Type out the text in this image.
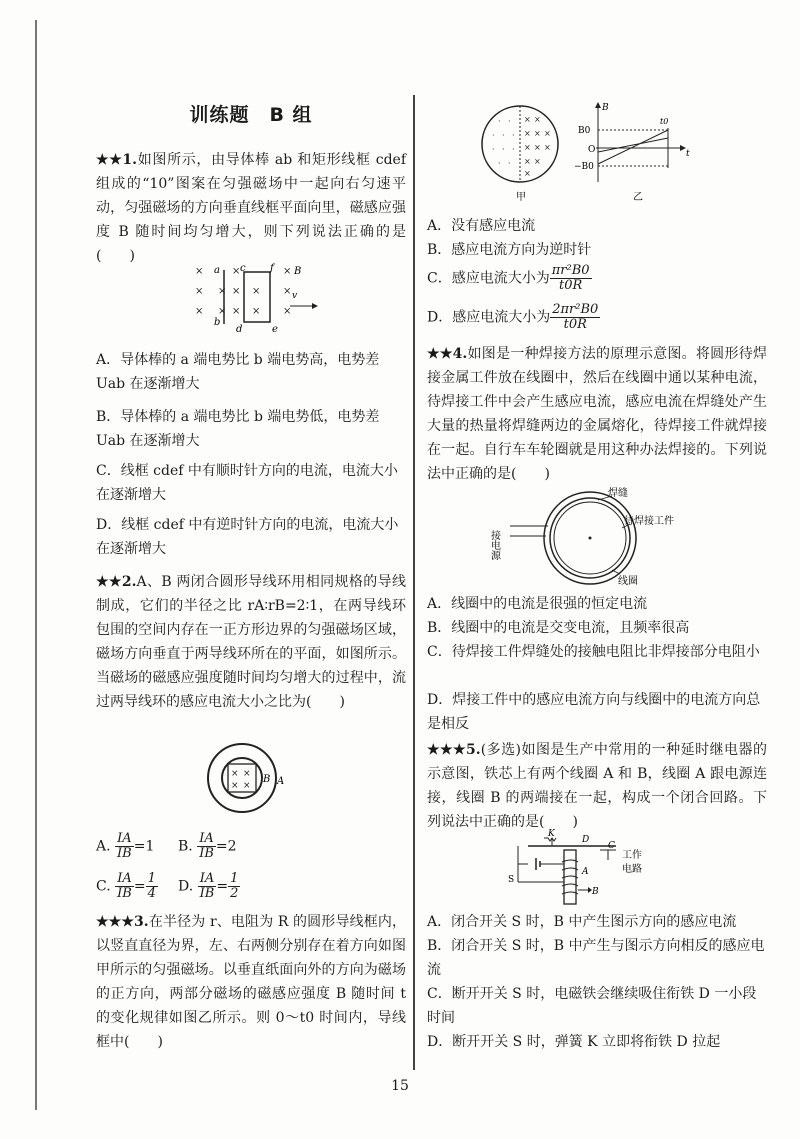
训练题　B 组
★★1.如图所示，由导体棒 ab 和矩形线框 cdef 组成的“10”图案在匀强磁场中一起向右匀速平动，匀强磁场的方向垂直线框平面向里，磁感应强度 B 随时间均匀增大，则下列说法正确的是(　　)
×
×
×
×
×
×
×
×
×
×
×
×
×
a
b
c
d	e
f B
v
A．导体棒的 a 端电势比 b 端电势高，电势差 Uab 在逐渐增大
B．导体棒的 a 端电势比 b 端电势低，电势差 Uab 在逐渐增大
C．线框 cdef 中有顺时针方向的电流，电流大小在逐渐增大
D．线框 cdef 中有逆时针方向的电流，电流大小在逐渐增大
★★2.A、B 两闭合圆形导线环用相同规格的导线制成，它们的半径之比 rA∶rB=2∶1，在两导线环包围的空间内存在一正方形边界的匀强磁场区域，磁场方向垂直于两导线环所在的平面，如图所示。当磁场的磁感应强度随时间均匀增大的过程中，流过两导线环的感应电流大小之比为(　　)
× ×
× ×
B A
A. $\frac{IA}{IB} =1$ B. $\frac{IA}{IB} =2$
C. $\frac{IA}{IB} = \frac{1}{4} D$. $\frac{IA}{IB} = \frac{1}{2}$
★★★3.在半径为 r、电阻为 R 的圆形导线框内，以竖直直径为界，左、右两侧分别存在着方向如图甲所示的匀强磁场。以垂直纸面向外的方向为磁场的正方向，两部分磁场的磁感应强度 B 随时间 t 的变化规律如图乙所示。则 0～t0 时间内，导线框中(　　)
· ·
· · ·
· · ·
· ·
× ×
× × ×
× × ×
× ×
×
甲
B
B0
O
−B0
t0
t
乙
A．没有感应电流
B．感应电流方向为逆时针
C．感应电流大小为 $\frac{\text{πr²B0}}{t0R}$
D．感应电流大小为 $\frac{\text{2πr²B0}}{t0R}$
★★4.如图是一种焊接方法的原理示意图。将圆形待焊接金属工件放在线圈中，然后在线圈中通以某种电流，待焊接工件中会产生感应电流，感应电流在焊缝处产生大量的热量将焊缝两边的金属熔化，待焊接工件就焊接在一起。自行车车轮圈就是用这种办法焊接的。下列说法中正确的是(　　)
接电源
焊缝
待焊接工件
线圈
A．线圈中的电流是很强的恒定电流
B．线圈中的电流是交变电流，且频率很高
C．待焊接工件焊缝处的接触电阻比非焊接部分电阻小
D．焊接工件中的感应电流方向与线圈中的电流方向总是相反
★★★5.(多选)如图是生产中常用的一种延时继电器的示意图，铁芯上有两个线圈 A 和 B，线圈 A 跟电源连接，线圈 B 的两端接在一起，构成一个闭合回路。下列说法中正确的是(　　)
K
D
C
S
A
B
工作
电路
A．闭合开关 S 时，B 中产生图示方向的感应电流
B．闭合开关 S 时，B 中产生与图示方向相反的感应电流
C．断开开关 S 时，电磁铁会继续吸住衔铁 D 一小段时间
D．断开开关 S 时，弹簧 K 立即将衔铁 D 拉起
15
